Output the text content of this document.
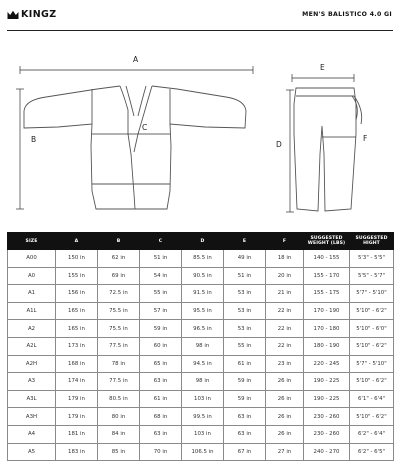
KINGZ	MEN'S BALISTICO 4.0 GI
A
B
C
E
D
F
SIZE	A	B	C	D	E	F	SUGGESTED WEIGHT (LBS)	SUGGESTED HIGHT
A00	150 in	62 in	51 in	85.5 in	49 in	18 in	140 - 155	5'3" - 5'5"
A0	155 in	69 in	54 in	90.5 in	51 in	20 in	155 - 170	5'5" - 5'7"
A1	156 in	72.5 in	55 in	91.5 in	53 in	21 in	155 - 175	5'7" - 5'10"
A1L	165 in	75.5 in	57 in	95.5 in	53 in	22 in	170 - 190	5'10" - 6'2"
A2	165 in	75.5 in	59 in	96.5 in	53 in	22 in	170 - 180	5'10" - 6'0"
A2L	173 in	77.5 in	60 in	98 in	55 in	22 in	180 - 190	5'10" - 6'2"
A2H	168 in	78 in	65 in	94.5 in	61 in	23 in	220 - 245	5'7" - 5'10"
A3	174 in	77.5 in	63 in	98 in	59 in	26 in	190 - 225	5'10" - 6'2"
A3L	179 in	80.5 in	61 in	103 in	59 in	26 in	190 - 225	6'1" - 6'4"
A3H	179 in	80 in	68 in	99.5 in	63 in	26 in	230 - 260	5'10" - 6'2"
A4	181 in	84 in	63 in	103 in	63 in	26 in	230 - 260	6'2" - 6'4"
A5	183 in	85 in	70 in	106.5 in	67 in	27 in	240 - 270	6'2" - 6'5"
